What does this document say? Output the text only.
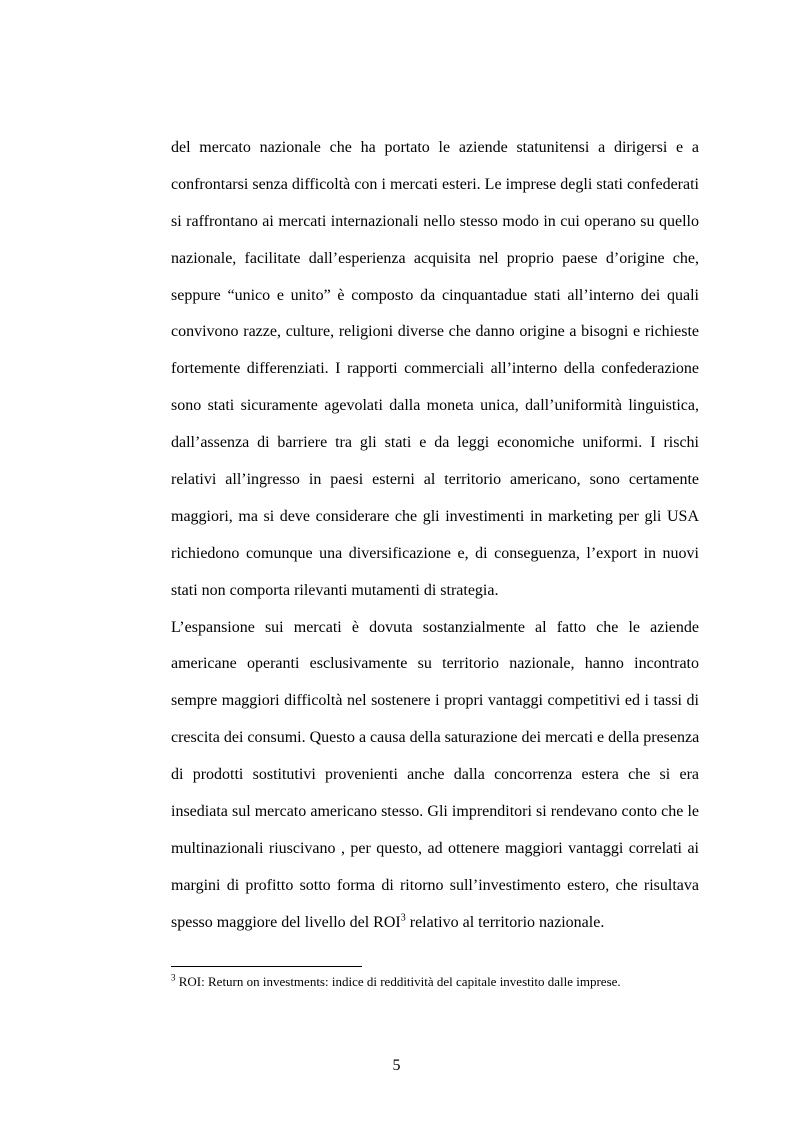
del mercato nazionale che ha portato le aziende statunitensi a dirigersi e a
confrontarsi senza difficoltà con i mercati esteri. Le imprese degli stati confederati
si raffrontano ai mercati internazionali nello stesso modo in cui operano su quello
nazionale, facilitate dall’esperienza acquisita nel proprio paese d’origine che,
seppure “unico e unito” è composto da cinquantadue stati all’interno dei quali
convivono razze, culture, religioni diverse che danno origine a bisogni e richieste
fortemente differenziati. I rapporti commerciali all’interno della confederazione
sono stati sicuramente agevolati dalla moneta unica, dall’uniformità linguistica,
dall’assenza di barriere tra gli stati e da leggi economiche uniformi. I rischi
relativi all’ingresso in paesi esterni al territorio americano, sono certamente
maggiori, ma si deve considerare che gli investimenti in marketing per gli USA
richiedono comunque una diversificazione e, di conseguenza, l’export in nuovi
stati non comporta rilevanti mutamenti di strategia.
L’espansione sui mercati è dovuta sostanzialmente al fatto che le aziende
americane operanti esclusivamente su territorio nazionale, hanno incontrato
sempre maggiori difficoltà nel sostenere i propri vantaggi competitivi ed i tassi di
crescita dei consumi. Questo a causa della saturazione dei mercati e della presenza
di prodotti sostitutivi provenienti anche dalla concorrenza estera che si era
insediata sul mercato americano stesso. Gli imprenditori si rendevano conto che le
multinazionali riuscivano , per questo, ad ottenere maggiori vantaggi correlati ai
margini di profitto sotto forma di ritorno sull’investimento estero, che risultava
spesso maggiore del livello del ROI$^3$ relativo al territorio nazionale.
$^3$ ROI: Return on investments: indice di redditività del capitale investito dalle imprese.
5
